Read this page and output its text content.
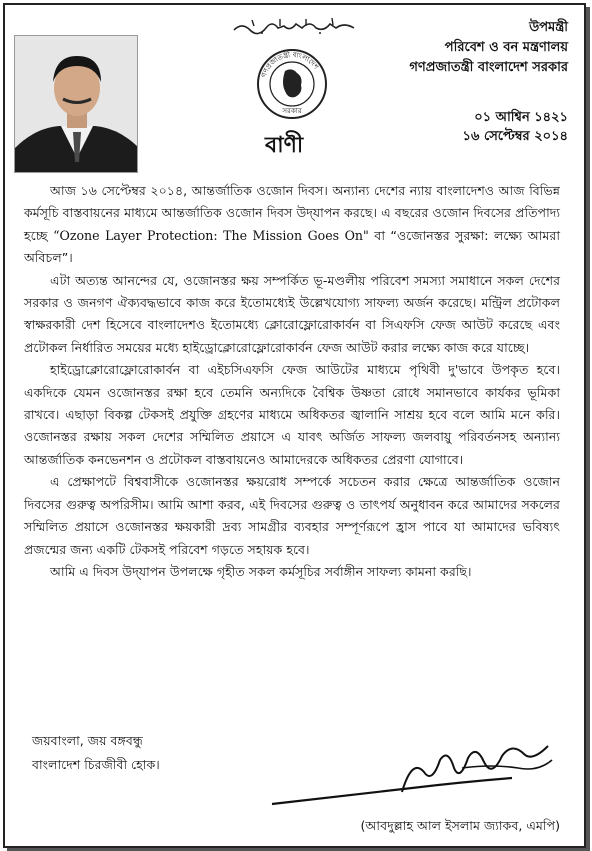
গণপ্রজাতন্ত্রী বাংলাদেশ
সরকার
উপমন্ত্রী
পরিবেশ ও বন মন্ত্রণালয়
গণপ্রজাতন্ত্রী বাংলাদেশ সরকার
০১ আশ্বিন ১৪২১
১৬ সেপ্টেম্বর ২০১৪
বাণী

আজ ১৬ সেপ্টেম্বর ২০১৪, আন্তর্জাতিক ওজোন দিবস। অন্যান্য দেশের ন্যায় বাংলাদেশও আজ বিভিন্ন কর্মসূচি বাস্তবায়নের মাধ্যমে আন্তর্জাতিক ওজোন দিবস উদ্‌যাপন করছে। এ বছরের ওজোন দিবসের প্রতিপাদ্য হচ্ছে “Ozone Layer Protection: The Mission Goes On" বা “ওজোনস্তর সুরক্ষা: লক্ষ্যে আমরা অবিচল”।

এটা অত্যন্ত আনন্দের যে, ওজোনস্তর ক্ষয় সম্পর্কিত ভূ-মণ্ডলীয় পরিবেশ সমস্যা সমাধানে সকল দেশের সরকার ও জনগণ ঐক্যবদ্ধভাবে কাজ করে ইতোমধ্যেই উল্লেখযোগ্য সাফল্য অর্জন করেছে। মন্ট্রিল প্রটোকল স্বাক্ষরকারী দেশ হিসেবে বাংলাদেশও ইতোমধ্যে ক্লোরোফ্লোরোকার্বন বা সিএফসি ফেজ আউট করেছে এবং প্রটোকল নির্ধারিত সময়ের মধ্যে হাইড্রোক্লোরোফ্লোরোকার্বন ফেজ আউট করার লক্ষ্যে কাজ করে যাচ্ছে।

হাইড্রোক্লোরোফ্লোরোকার্বন বা এইচসিএফসি ফেজ আউটের মাধ্যমে পৃথিবী দু'ভাবে উপকৃত হবে। একদিকে যেমন ওজোনস্তর রক্ষা হবে তেমনি অন্যদিকে বৈশ্বিক উষ্ণতা রোধে সমানভাবে কার্যকর ভূমিকা রাখবে। এছাড়া বিকল্প টেকসই প্রযুক্তি গ্রহণের মাধ্যমে অধিকতর জ্বালানি সাশ্রয় হবে বলে আমি মনে করি। ওজোনস্তর রক্ষায় সকল দেশের সম্মিলিত প্রয়াসে এ যাবৎ অর্জিত সাফল্য জলবায়ু পরিবর্তনসহ অন্যান্য আন্তর্জাতিক কনভেনশন ও প্রটোকল বাস্তবায়নেও আমাদেরকে অধিকতর প্রেরণা যোগাবে।

এ প্রেক্ষাপটে বিশ্ববাসীকে ওজোনস্তর ক্ষয়রোধ সম্পর্কে সচেতন করার ক্ষেত্রে আন্তর্জাতিক ওজোন দিবসের গুরুত্ব অপরিসীম। আমি আশা করব, এই দিবসের গুরুত্ব ও তাৎপর্য অনুধাবন করে আমাদের সকলের সম্মিলিত প্রয়াসে ওজোনস্তর ক্ষয়কারী দ্রব্য সামগ্রীর ব্যবহার সম্পূর্ণরূপে হ্রাস পাবে যা আমাদের ভবিষ্যৎ প্রজন্মের জন্য একটি টেকসই পরিবেশ গড়তে সহায়ক হবে।

আমি এ দিবস উদ্‌যাপন উপলক্ষে গৃহীত সকল কর্মসূচির সর্বাঙ্গীন সাফল্য কামনা করছি।

জয়বাংলা, জয় বঙ্গবন্ধু
বাংলাদেশ চিরজীবী হোক।
(আবদুল্লাহ আল ইসলাম জ্যাকব, এমপি)
